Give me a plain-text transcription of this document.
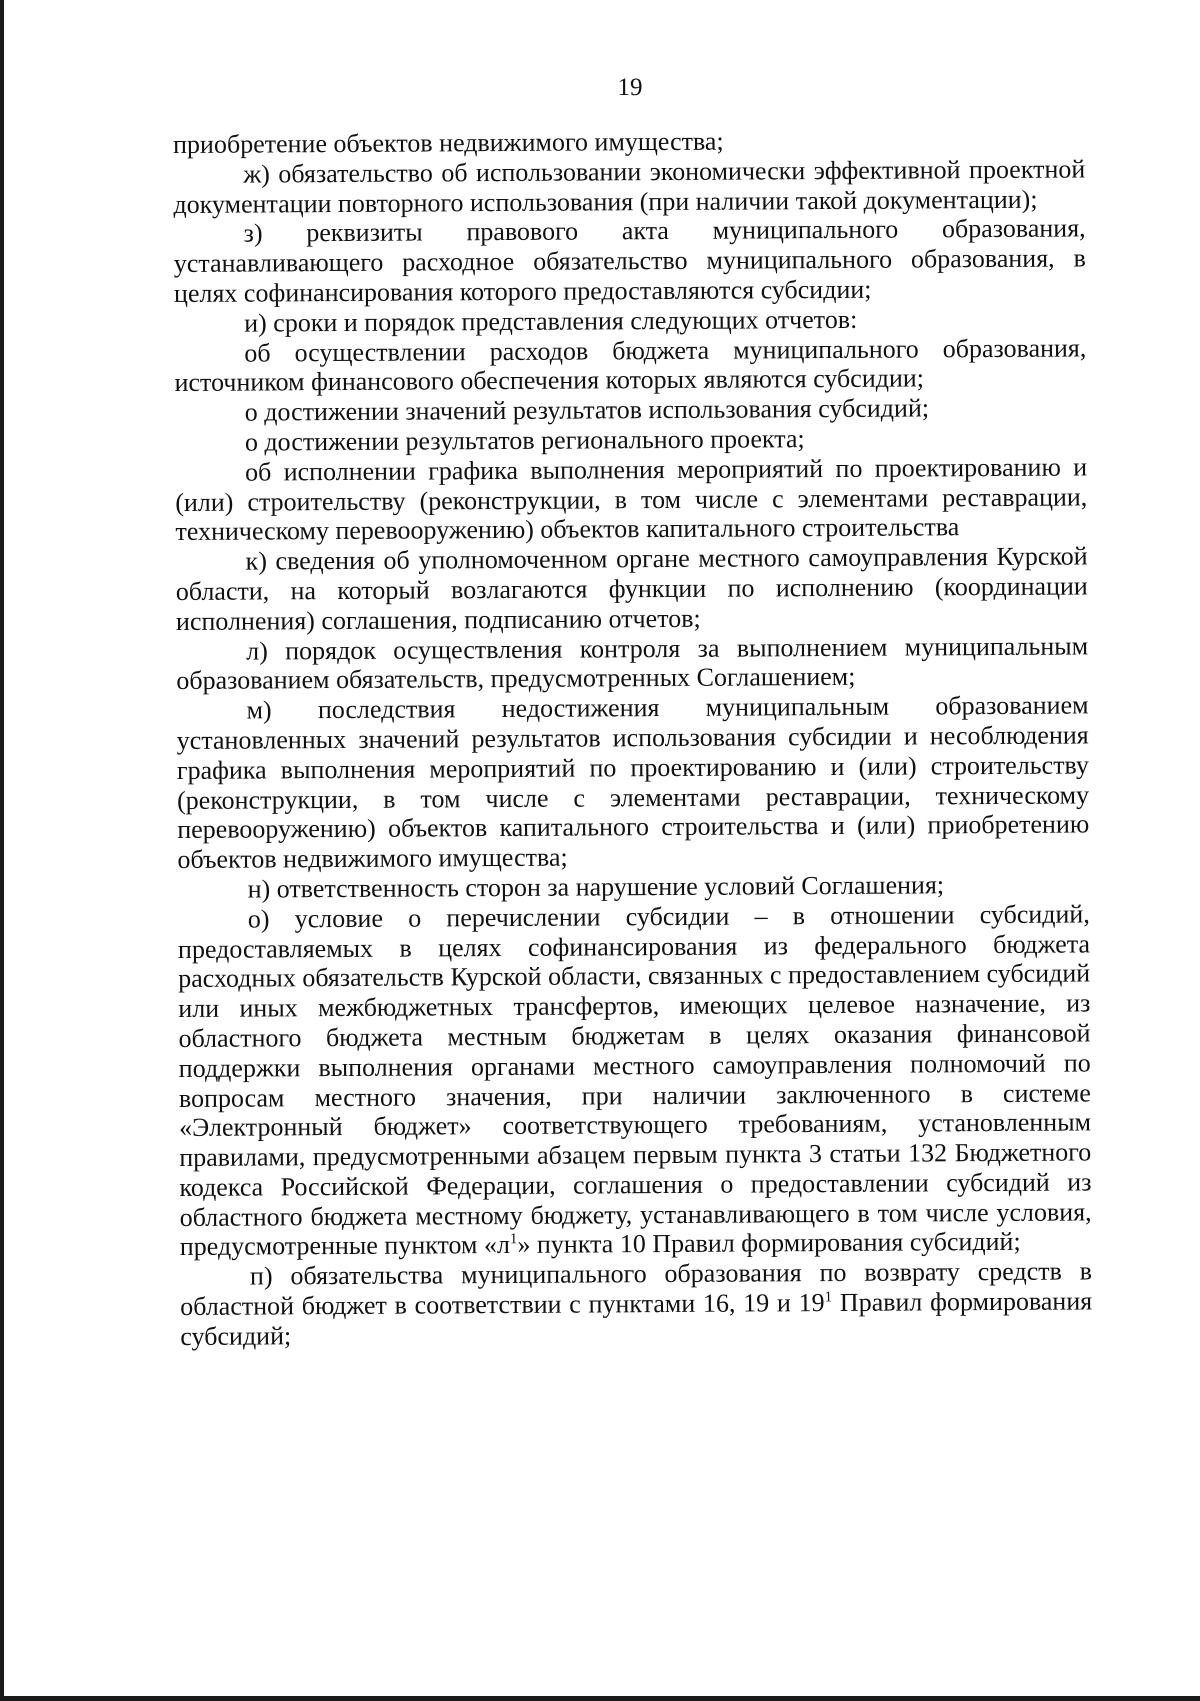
19

приобретение объектов недвижимого имущества;

ж) обязательство об использовании экономически эффективной проектной документации повторного использования (при наличии такой документации);

з) реквизиты правового акта муниципального образования, устанавливающего расходное обязательство муниципального образования, в целях софинансирования которого предоставляются субсидии;

и) сроки и порядок представления следующих отчетов:

об осуществлении расходов бюджета муниципального образования, источником финансового обеспечения которых являются субсидии;

о достижении значений результатов использования субсидий;

о достижении результатов регионального проекта;

об исполнении графика выполнения мероприятий по проектированию и (или) строительству (реконструкции, в том числе с элементами реставрации, техническому перевооружению) объектов капитального строительства

к) сведения об уполномоченном органе местного самоуправления Курской области, на который возлагаются функции по исполнению (координации исполнения) соглашения, подписанию отчетов;

л) порядок осуществления контроля за выполнением муниципальным образованием обязательств, предусмотренных Соглашением;

м) последствия недостижения муниципальным образованием установленных значений результатов использования субсидии и несоблюдения графика выполнения мероприятий по проектированию и (или) строительству (реконструкции, в том числе с элементами реставрации, техническому перевооружению) объектов капитального строительства и (или) приобретению объектов недвижимого имущества;

н) ответственность сторон за нарушение условий Соглашения;

о) условие о перечислении субсидии – в отношении субсидий, предоставляемых в целях софинансирования из федерального бюджета расходных обязательств Курской области, связанных с предоставлением субсидий или иных межбюджетных трансфертов, имеющих целевое назначение, из областного бюджета местным бюджетам в целях оказания финансовой поддержки выполнения органами местного самоуправления полномочий по вопросам местного значения, при наличии заключенного в системе «Электронный бюджет» соответствующего требованиям, установленным правилами, предусмотренными абзацем первым пункта 3 статьи 132 Бюджетного кодекса Российской Федерации, соглашения о предоставлении субсидий из областного бюджета местному бюджету, устанавливающего в том числе условия, предусмотренные пунктом «$л^1$» пункта 10 Правил формирования субсидий;

п) обязательства муниципального образования по возврату средств в областной бюджет в соответствии с пунктами 16, 19 и $19^1$ Правил формирования субсидий;
